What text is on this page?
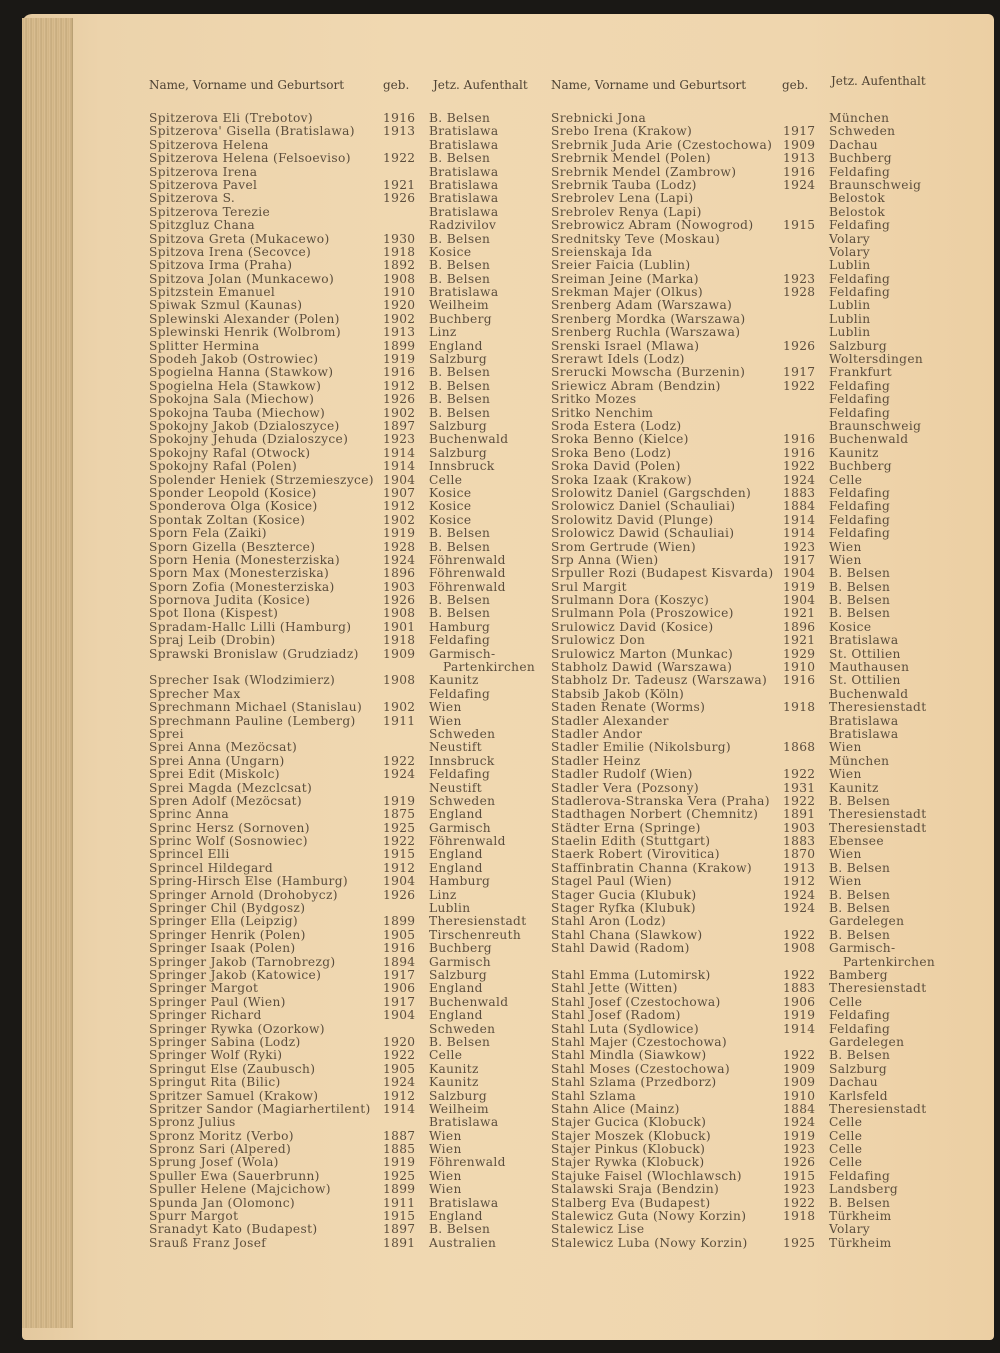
Name, Vorname und Geburtsort	geb. Jetz. Aufenthalt
Spitzerova Eli (Trebotov)	1916 B. Belsen
Spitzerova' Gisella (Bratislawa) 1913 Bratislawa
Spitzerova Helena	Bratislawa
Spitzerova Helena (Felsoeviso)	1922 B. Belsen
Spitzerova Irena	Bratislawa
Spitzerova Pavel	1921 Bratislawa
Spitzerova S.	1926 Bratislawa
Spitzerova Terezie	Bratislawa
Spitzgluz Chana	Radzivilov
Spitzova Greta (Mukacewo)	1930 B. Belsen
Spitzova Irena (Secovce)	1918 Kosice
Spitzova Irma (Praha)	1892 B. Belsen
Spitzova Jolan (Munkacewo)	1908 B. Belsen
Spitzstein Emanuel	1910 Bratislawa
Spiwak Szmul (Kaunas)	1920 Weilheim
Splewinski Alexander (Polen)	1902 Buchberg
Splewinski Henrik (Wolbrom)	1913 Linz
Splitter Hermina	1899 England
Spodeh Jakob (Ostrowiec)	1919 Salzburg
Spogielna Hanna (Stawkow)	1916 B. Belsen
Spogielna Hela (Stawkow)	1912 B. Belsen
Spokojna Sala (Miechow)	1926 B. Belsen
Spokojna Tauba (Miechow)	1902 B. Belsen
Spokojny Jakob (Dzialoszyce)	1897 Salzburg
Spokojny Jehuda (Dzialoszyce)	1923 Buchenwald
Spokojny Rafal (Otwock)	1914 Salzburg
Spokojny Rafal (Polen)	1914 Innsbruck
Spolender Heniek (Strzemieszyce) 1904 Celle
Sponder Leopold (Kosice)	1907 Kosice
Sponderova Olga (Kosice)	1912 Kosice
Spontak Zoltan (Kosice)	1902 Kosice
Sporn Fela (Zaiki)	1919 B. Belsen
Sporn Gizella (Beszterce)	1928 B. Belsen
Sporn Henia (Monesterziska)	1924 Föhrenwald
Sporn Max (Monesterziska)	1896 Föhrenwald
Sporn Zofia (Monesterziska)	1903 Föhrenwald
Spornova Judita (Kosice)	1926 B. Belsen
Spot Ilona (Kispest)	1908 B. Belsen
Spradam-Hallc Lilli (Hamburg)	1901 Hamburg
Spraj Leib (Drobin)	1918 Feldafing
Sprawski Bronislaw (Grudziadz) 1909 Garmisch-
Partenkirchen
Sprecher Isak (Wlodzimierz)	1908 Kaunitz
Sprecher Max	Feldafing
Sprechmann Michael (Stanislau) 1902 Wien
Sprechmann Pauline (Lemberg) 1911 Wien
Sprei	Schweden
Sprei Anna (Mezöcsat)	Neustift
Sprei Anna (Ungarn)	1922 Innsbruck
Sprei Edit (Miskolc)	1924 Feldafing
Sprei Magda (Mezclcsat)	Neustift
Spren Adolf (Mezöcsat)	1919 Schweden
Sprinc Anna	1875 England
Sprinc Hersz (Sornoven)	1925 Garmisch
Sprinc Wolf (Sosnowiec)	1922 Föhrenwald
Sprincel Elli	1915 England
Sprincel Hildegard	1912 England
Spring-Hirsch Else (Hamburg)	1904 Hamburg
Springer Arnold (Drohobycz)	1926 Linz
Springer Chil (Bydgosz)	Lublin
Springer Ella (Leipzig)	1899 Theresienstadt
Springer Henrik (Polen)	1905 Tirschenreuth
Springer Isaak (Polen)	1916 Buchberg
Springer Jakob (Tarnobrezg)	1894 Garmisch
Springer Jakob (Katowice)	1917 Salzburg
Springer Margot	1906 England
Springer Paul (Wien)	1917 Buchenwald
Springer Richard	1904 England
Springer Rywka (Ozorkow)	Schweden
Springer Sabina (Lodz)	1920 B. Belsen
Springer Wolf (Ryki)	1922 Celle
Springut Else (Zaubusch)	1905 Kaunitz
Springut Rita (Bilic)	1924 Kaunitz
Spritzer Samuel (Krakow)	1912 Salzburg
Spritzer Sandor (Magiarhertilent) 1914 Weilheim
Spronz Julius	Bratislawa
Spronz Moritz (Verbo)	1887 Wien
Spronz Sari (Alpered)	1885 Wien
Sprung Josef (Wola)	1919 Föhrenwald
Spuller Ewa (Sauerbrunn)	1925 Wien
Spuller Helene (Majcichow)	1899 Wien
Spunda Jan (Olomonc)	1911 Bratislawa
Spurr Margot	1915 England
Sranadyt Kato (Budapest)	1897 B. Belsen
Srauß Franz Josef	1891 Australien
Name, Vorname und Geburtsort	geb. Jetz. Aufenthalt
Srebnicki Jona	München
Srebo Irena (Krakow)	1917 Schweden
Srebrnik Juda Arie (Czestochowa) 1909 Dachau
Srebrnik Mendel (Polen)	1913 Buchberg
Srebrnik Mendel (Zambrow)	1916 Feldafing
Srebrnik Tauba (Lodz)	1924 Braunschweig
Srebrolev Lena (Lapi)	Belostok
Srebrolev Renya (Lapi)	Belostok
Srebrowicz Abram (Nowogrod) 1915 Feldafing
Srednitsky Teve (Moskau)	Volary
Sreienskaja Ida	Volary
Sreier Faicia (Lublin)	Lublin
Sreiman Jeine (Marka)	1923 Feldafing
Srekman Majer (Olkus)	1928 Feldafing
Srenberg Adam (Warszawa)	Lublin
Srenberg Mordka (Warszawa)	Lublin
Srenberg Ruchla (Warszawa)	Lublin
Srenski Israel (Mlawa)	1926 Salzburg
Srerawt Idels (Lodz)	Woltersdingen
Srerucki Mowscha (Burzenin)	1917 Frankfurt
Sriewicz Abram (Bendzin)	1922 Feldafing
Sritko Mozes	Feldafing
Sritko Nenchim	Feldafing
Sroda Estera (Lodz)	Braunschweig
Sroka Benno (Kielce)	1916 Buchenwald
Sroka Beno (Lodz)	1916 Kaunitz
Sroka David (Polen)	1922 Buchberg
Sroka Izaak (Krakow)	1924 Celle
Srolowitz Daniel (Gargschden)	1883 Feldafing
Srolowicz Daniel (Schauliai)	1884 Feldafing
Srolowitz David (Plunge)	1914 Feldafing
Srolowicz Dawid (Schauliai)	1914 Feldafing
Srom Gertrude (Wien)	1923 Wien
Srp Anna (Wien)	1917 Wien
Srpuller Rozi (Budapest Kisvarda) 1904 B. Belsen
Srul Margit	1919 B. Belsen
Srulmann Dora (Koszyc)	1904 B. Belsen
Srulmann Pola (Proszowice)	1921 B. Belsen
Srulowicz David (Kosice)	1896 Kosice
Srulowicz Don	1921 Bratislawa
Srulowicz Marton (Munkac)	1929 St. Ottilien
Stabholz Dawid (Warszawa)	1910 Mauthausen
Stabholz Dr. Tadeusz (Warszawa) 1916 St. Ottilien
Stabsib Jakob (Köln)	Buchenwald
Staden Renate (Worms)	1918 Theresienstadt
Stadler Alexander	Bratislawa
Stadler Andor	Bratislawa
Stadler Emilie (Nikolsburg)	1868 Wien
Stadler Heinz	München
Stadler Rudolf (Wien)	1922 Wien
Stadler Vera (Pozsony)	1931 Kaunitz
Stadlerova-Stranska Vera (Praha) 1922 B. Belsen
Stadthagen Norbert (Chemnitz) 1891 Theresienstadt
Städter Erna (Springe)	1903 Theresienstadt
Staelin Edith (Stuttgart)	1883 Ebensee
Staerk Robert (Virovitica)	1870 Wien
Staffinbratin Channa (Krakow)	1913 B. Belsen
Stagel Paul (Wien)	1912 Wien
Stager Gucia (Klubuk)	1924 B. Belsen
Stager Ryfka (Klubuk)	1924 B. Belsen
Stahl Aron (Lodz)	Gardelegen
Stahl Chana (Slawkow)	1922 B. Belsen
Stahl Dawid (Radom)	1908 Garmisch-
Partenkirchen
Stahl Emma (Lutomirsk)	1922 Bamberg
Stahl Jette (Witten)	1883 Theresienstadt
Stahl Josef (Czestochowa)	1906 Celle
Stahl Josef (Radom)	1919 Feldafing
Stahl Luta (Sydlowice)	1914 Feldafing
Stahl Majer (Czestochowa)	Gardelegen
Stahl Mindla (Siawkow)	1922 B. Belsen
Stahl Moses (Czestochowa)	1909 Salzburg
Stahl Szlama (Przedborz)	1909 Dachau
Stahl Szlama	1910 Karlsfeld
Stahn Alice (Mainz)	1884 Theresienstadt
Stajer Gucica (Klobuck)	1924 Celle
Stajer Moszek (Klobuck)	1919 Celle
Stajer Pinkus (Klobuck)	1923 Celle
Stajer Rywka (Klobuck)	1926 Celle
Stajuke Faisel (Wlochlawsch)	1915 Feldafing
Stalawski Sraja (Bendzin)	1923 Landsberg
Stalberg Eva (Budapest)	1922 B. Belsen
Stalewicz Guta (Nowy Korzin)	1918 Türkheim
Stalewicz Lise	Volary
Stalewicz Luba (Nowy Korzin)	1925 Türkheim
